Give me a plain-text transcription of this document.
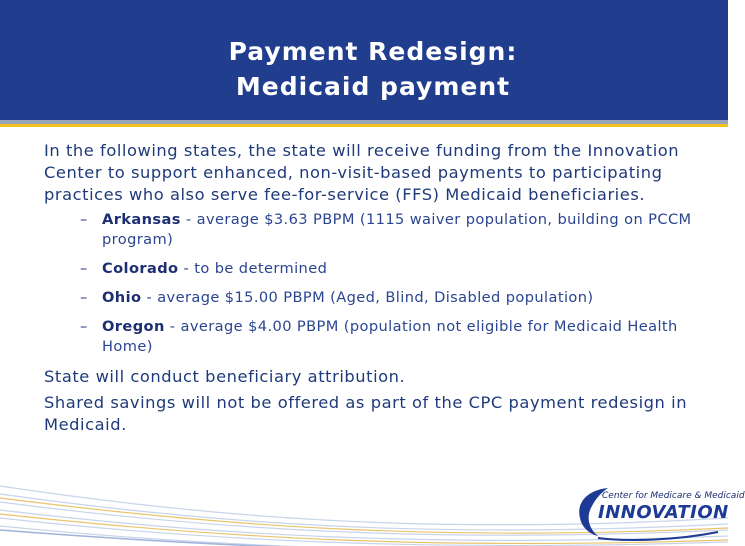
Payment Redesign:
Medicaid payment

In the following states, the state will receive funding from the Innovation Center to support enhanced, non-visit-based payments to participating practices who also serve fee-for-service (FFS) Medicaid beneficiaries.

– Arkansas - average $3.63 PBPM (1115 waiver population, building on PCCM program)
– Colorado - to be determined
– Ohio - average $15.00 PBPM (Aged, Blind, Disabled population)
– Oregon - average $4.00 PBPM (population not eligible for Medicaid Health Home)

State will conduct beneficiary attribution.

Shared savings will not be offered as part of the CPC payment redesign in Medicaid.

Center for Medicare & Medicaid
INNOVATION
